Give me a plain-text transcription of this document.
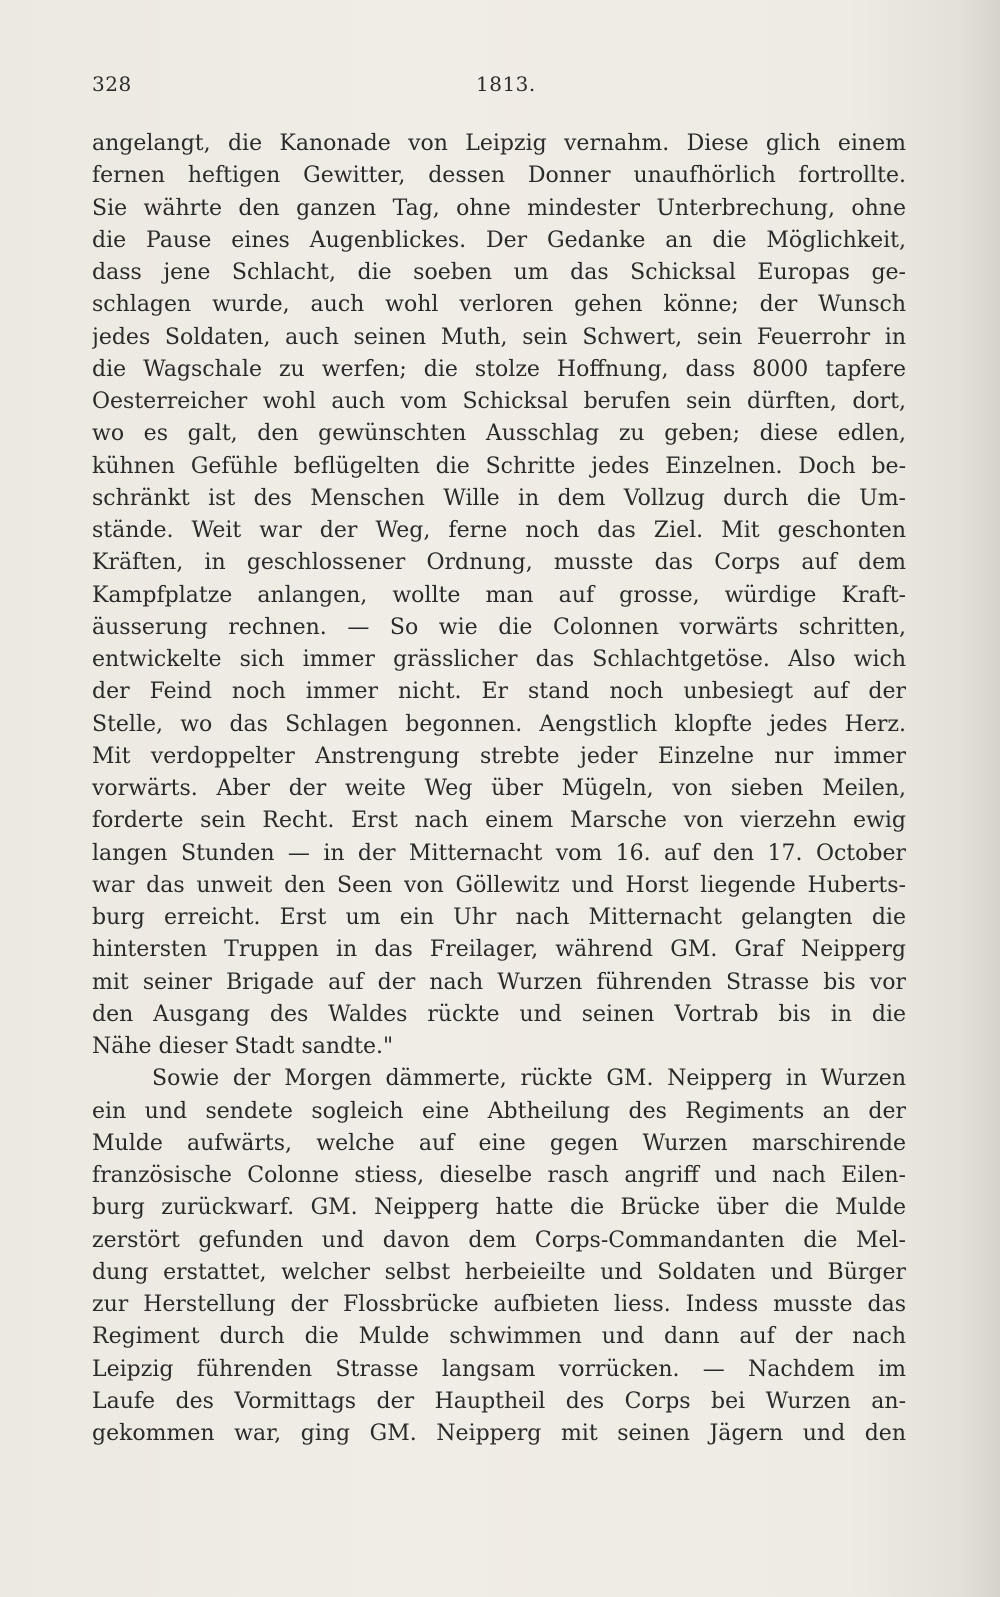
328	1813.
angelangt, die Kanonade von Leipzig vernahm. Diese glich einem
fernen heftigen Gewitter, dessen Donner unaufhörlich fortrollte.
Sie währte den ganzen Tag, ohne mindester Unterbrechung, ohne
die Pause eines Augenblickes. Der Gedanke an die Möglichkeit,
dass jene Schlacht, die soeben um das Schicksal Europas ge-
schlagen wurde, auch wohl verloren gehen könne; der Wunsch
jedes Soldaten, auch seinen Muth, sein Schwert, sein Feuerrohr in
die Wagschale zu werfen; die stolze Hoffnung, dass 8000 tapfere
Oesterreicher wohl auch vom Schicksal berufen sein dürften, dort,
wo es galt, den gewünschten Ausschlag zu geben; diese edlen,
kühnen Gefühle beflügelten die Schritte jedes Einzelnen. Doch be-
schränkt ist des Menschen Wille in dem Vollzug durch die Um-
stände. Weit war der Weg, ferne noch das Ziel. Mit geschonten
Kräften, in geschlossener Ordnung, musste das Corps auf dem
Kampfplatze anlangen, wollte man auf grosse, würdige Kraft-
äusserung rechnen. — So wie die Colonnen vorwärts schritten,
entwickelte sich immer grässlicher das Schlachtgetöse. Also wich
der Feind noch immer nicht. Er stand noch unbesiegt auf der
Stelle, wo das Schlagen begonnen. Aengstlich klopfte jedes Herz.
Mit verdoppelter Anstrengung strebte jeder Einzelne nur immer
vorwärts. Aber der weite Weg über Mügeln, von sieben Meilen,
forderte sein Recht. Erst nach einem Marsche von vierzehn ewig
langen Stunden — in der Mitternacht vom 16. auf den 17. October
war das unweit den Seen von Göllewitz und Horst liegende Huberts-
burg erreicht. Erst um ein Uhr nach Mitternacht gelangten die
hintersten Truppen in das Freilager, während GM. Graf Neipperg
mit seiner Brigade auf der nach Wurzen führenden Strasse bis vor
den Ausgang des Waldes rückte und seinen Vortrab bis in die
Nähe dieser Stadt sandte."
Sowie der Morgen dämmerte, rückte GM. Neipperg in Wurzen
ein und sendete sogleich eine Abtheilung des Regiments an der
Mulde aufwärts, welche auf eine gegen Wurzen marschirende
französische Colonne stiess, dieselbe rasch angriff und nach Eilen-
burg zurückwarf. GM. Neipperg hatte die Brücke über die Mulde
zerstört gefunden und davon dem Corps-Commandanten die Mel-
dung erstattet, welcher selbst herbeieilte und Soldaten und Bürger
zur Herstellung der Flossbrücke aufbieten liess. Indess musste das
Regiment durch die Mulde schwimmen und dann auf der nach
Leipzig führenden Strasse langsam vorrücken. — Nachdem im
Laufe des Vormittags der Hauptheil des Corps bei Wurzen an-
gekommen war, ging GM. Neipperg mit seinen Jägern und den
